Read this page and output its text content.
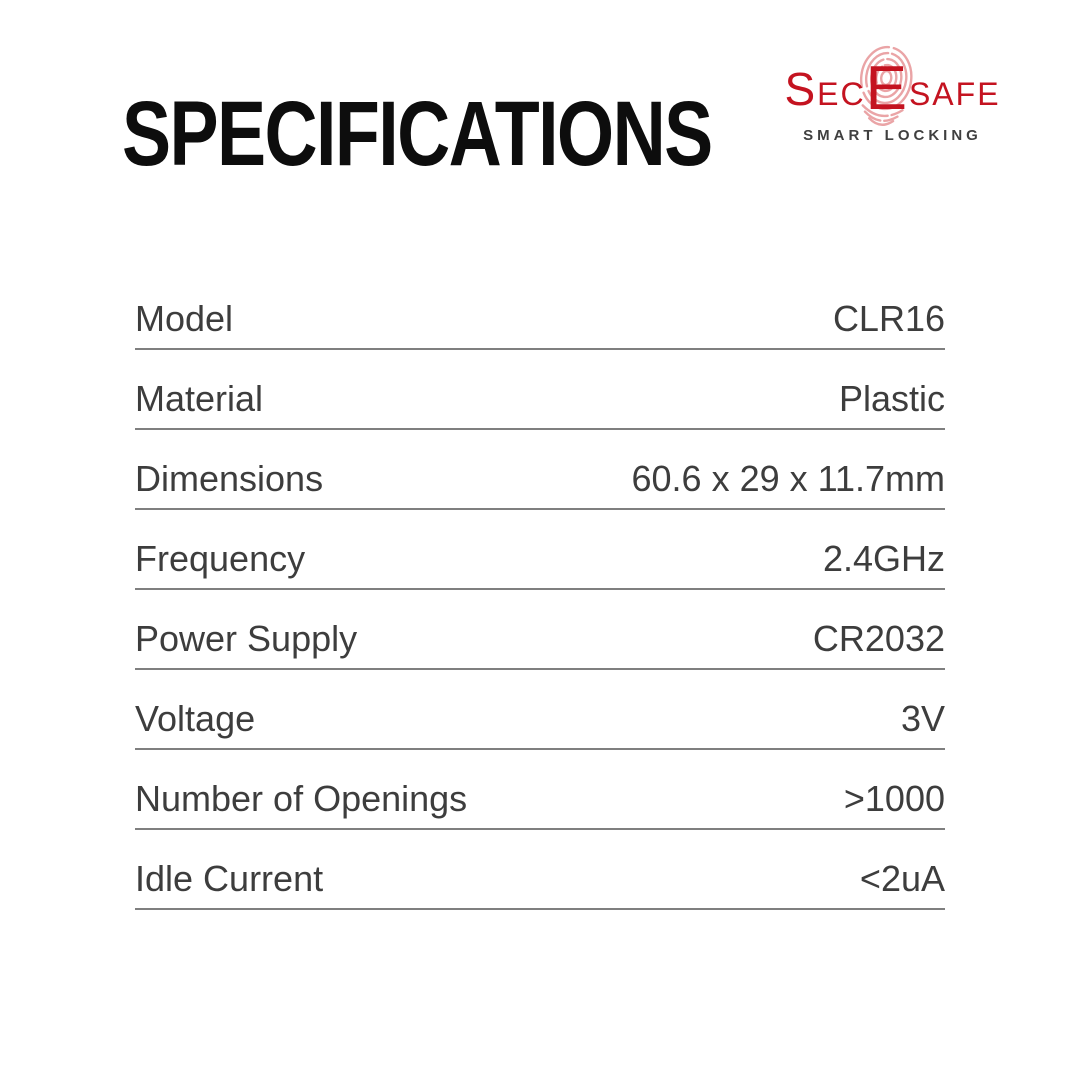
SPECIFICATIONS	SecEsafe
SMART LOCKING
Model	CLR16
Material	Plastic
Dimensions	60.6 x 29 x 11.7mm
Frequency	2.4GHz
Power Supply	CR2032
Voltage	3V
Number of Openings	>1000
Idle Current	<2uA
